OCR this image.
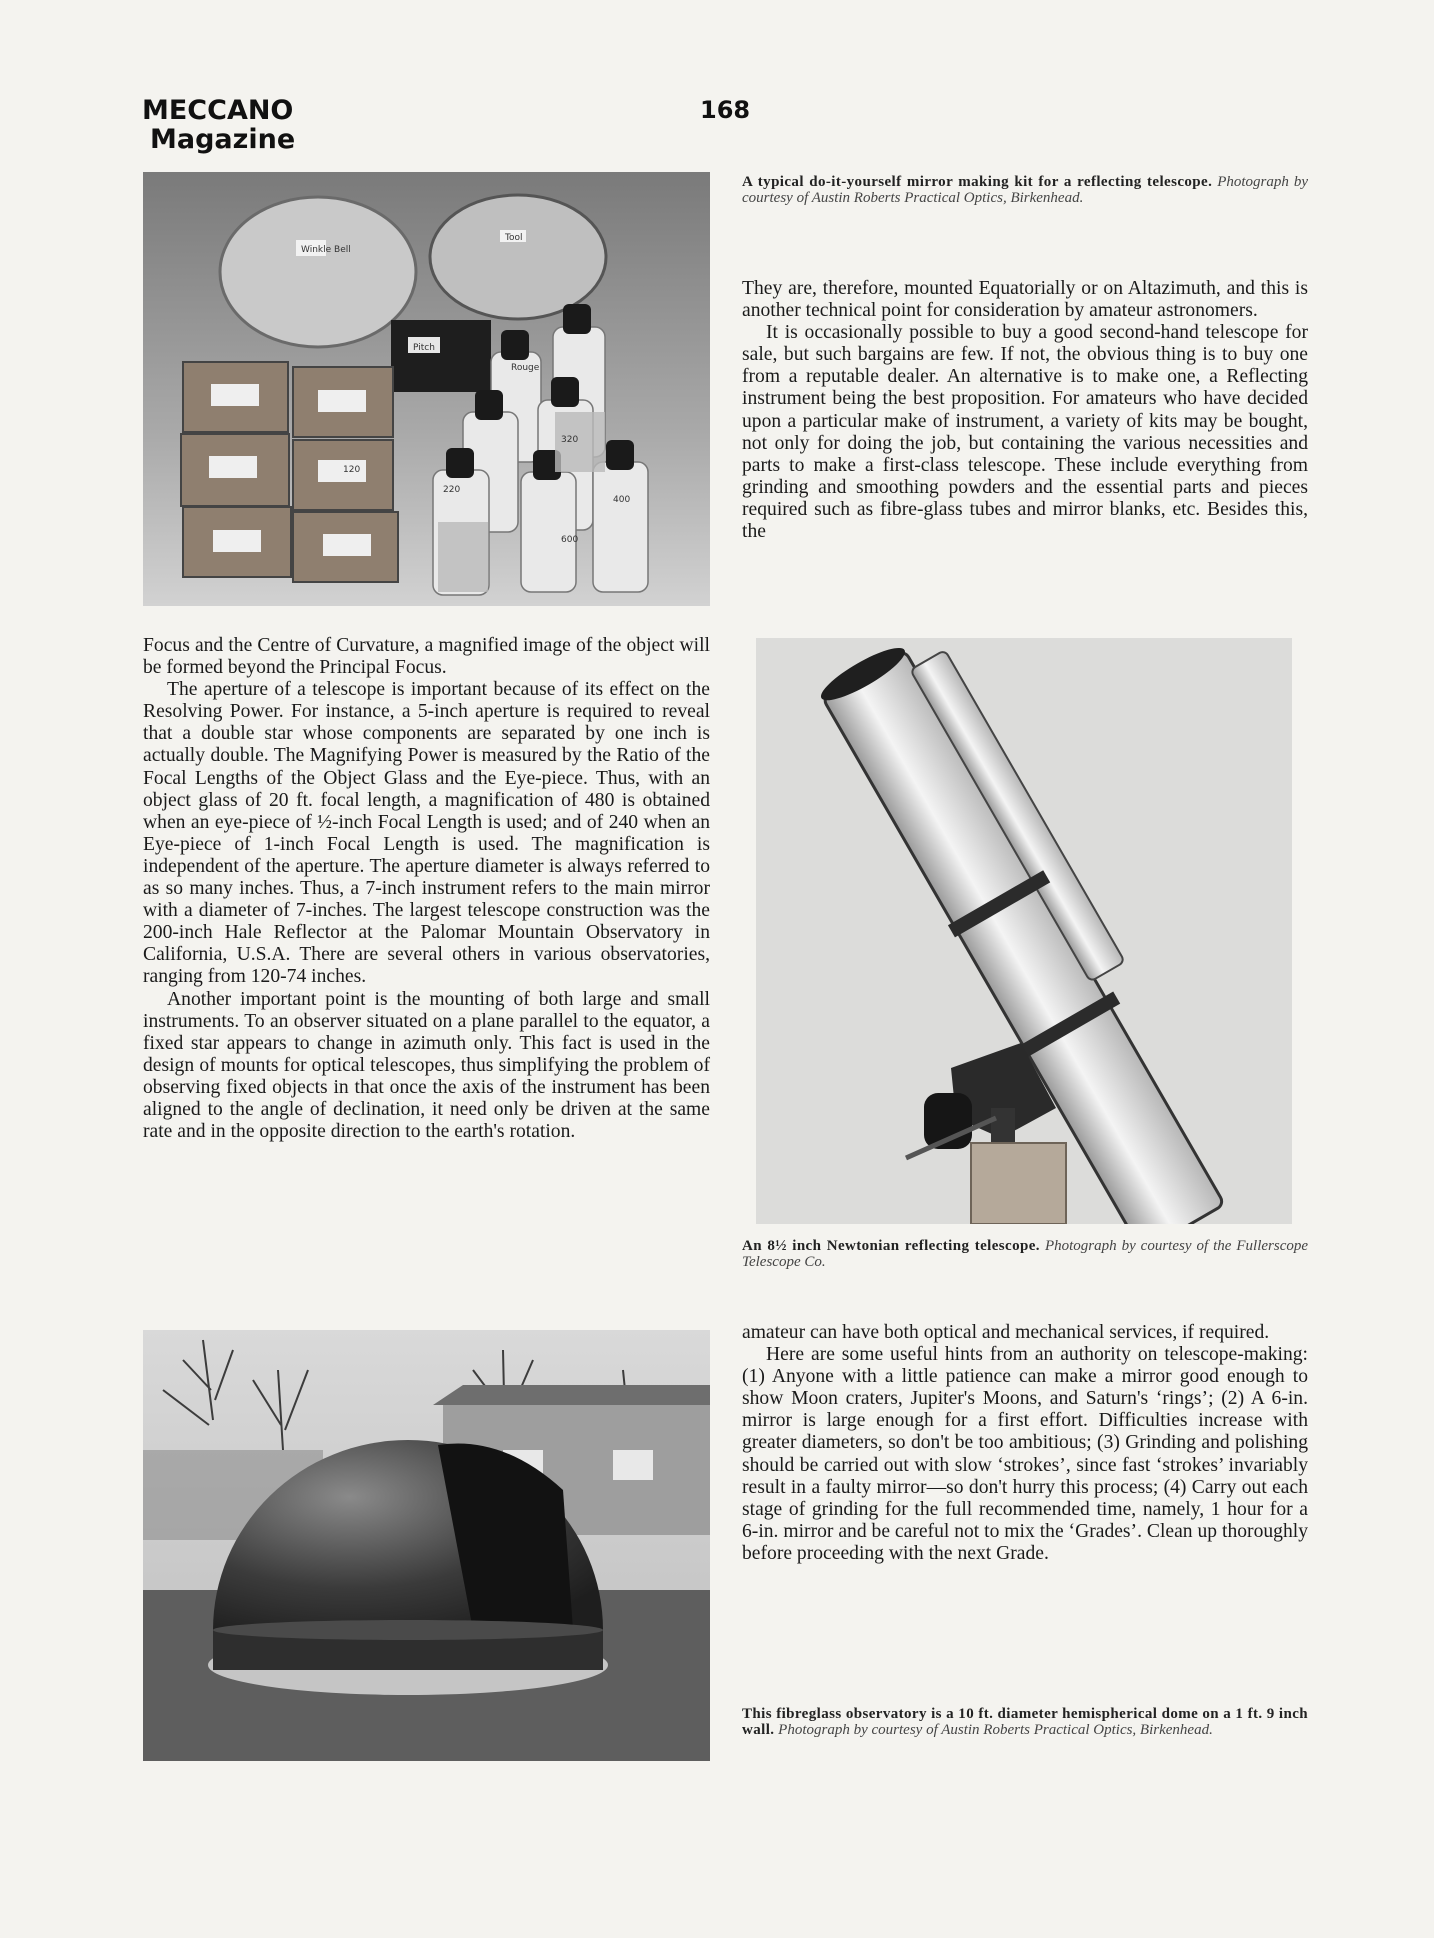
MECCANO
Magazine
168
Winkle Bell
Tool
Rouge
Pitch
320
220
400
600
120
A typical do-it-yourself mirror making kit for a reflecting telescope. Photograph by courtesy of Austin Roberts Practical Optics, Birkenhead.

They are, therefore, mounted Equatorially or on Altazimuth, and this is another technical point for consideration by amateur astronomers.

It is occasionally possible to buy a good second-hand telescope for sale, but such bargains are few. If not, the obvious thing is to buy one from a reputable dealer. An alternative is to make one, a Reflecting instrument being the best proposition. For amateurs who have decided upon a particular make of instrument, a variety of kits may be bought, not only for doing the job, but containing the various necessities and parts to make a first-class telescope. These include everything from grinding and smoothing powders and the essential parts and pieces required such as fibre-glass tubes and mirror blanks, etc. Besides this, the

Focus and the Centre of Curvature, a magnified image of the object will be formed beyond the Principal Focus.

The aperture of a telescope is important because of its effect on the Resolving Power. For instance, a 5-inch aperture is required to reveal that a double star whose components are separated by one inch is actually double. The Magnifying Power is measured by the Ratio of the Focal Lengths of the Object Glass and the Eye-piece. Thus, with an object glass of 20 ft. focal length, a magnification of 480 is obtained when an eye-piece of ½-inch Focal Length is used; and of 240 when an Eye-piece of 1-inch Focal Length is used. The magnification is independent of the aperture. The aperture diameter is always referred to as so many inches. Thus, a 7-inch instrument refers to the main mirror with a diameter of 7-inches. The largest telescope construction was the 200-inch Hale Reflector at the Palomar Mountain Observatory in California, U.S.A. There are several others in various observatories, ranging from 120-74 inches.

Another important point is the mounting of both large and small instruments. To an observer situated on a plane parallel to the equator, a fixed star appears to change in azimuth only. This fact is used in the design of mounts for optical telescopes, thus simplifying the problem of observing fixed objects in that once the axis of the instrument has been aligned to the angle of declination, it need only be driven at the same rate and in the opposite direction to the earth's rotation.

An 8½ inch Newtonian reflecting telescope. Photograph by courtesy of the Fullerscope Telescope Co.

amateur can have both optical and mechanical services, if required.

Here are some useful hints from an authority on telescope-making: (1) Anyone with a little patience can make a mirror good enough to show Moon craters, Jupiter's Moons, and Saturn's ‘rings’; (2) A 6-in. mirror is large enough for a first effort. Difficulties increase with greater diameters, so don't be too ambitious; (3) Grinding and polishing should be carried out with slow ‘strokes’, since fast ‘strokes’ invariably result in a faulty mirror—so don't hurry this process; (4) Carry out each stage of grinding for the full recommended time, namely, 1 hour for a 6-in. mirror and be careful not to mix the ‘Grades’. Clean up thoroughly before proceeding with the next Grade.

This fibreglass observatory is a 10 ft. diameter hemispherical dome on a 1 ft. 9 inch wall. Photograph by courtesy of Austin Roberts Practical Optics, Birkenhead.
